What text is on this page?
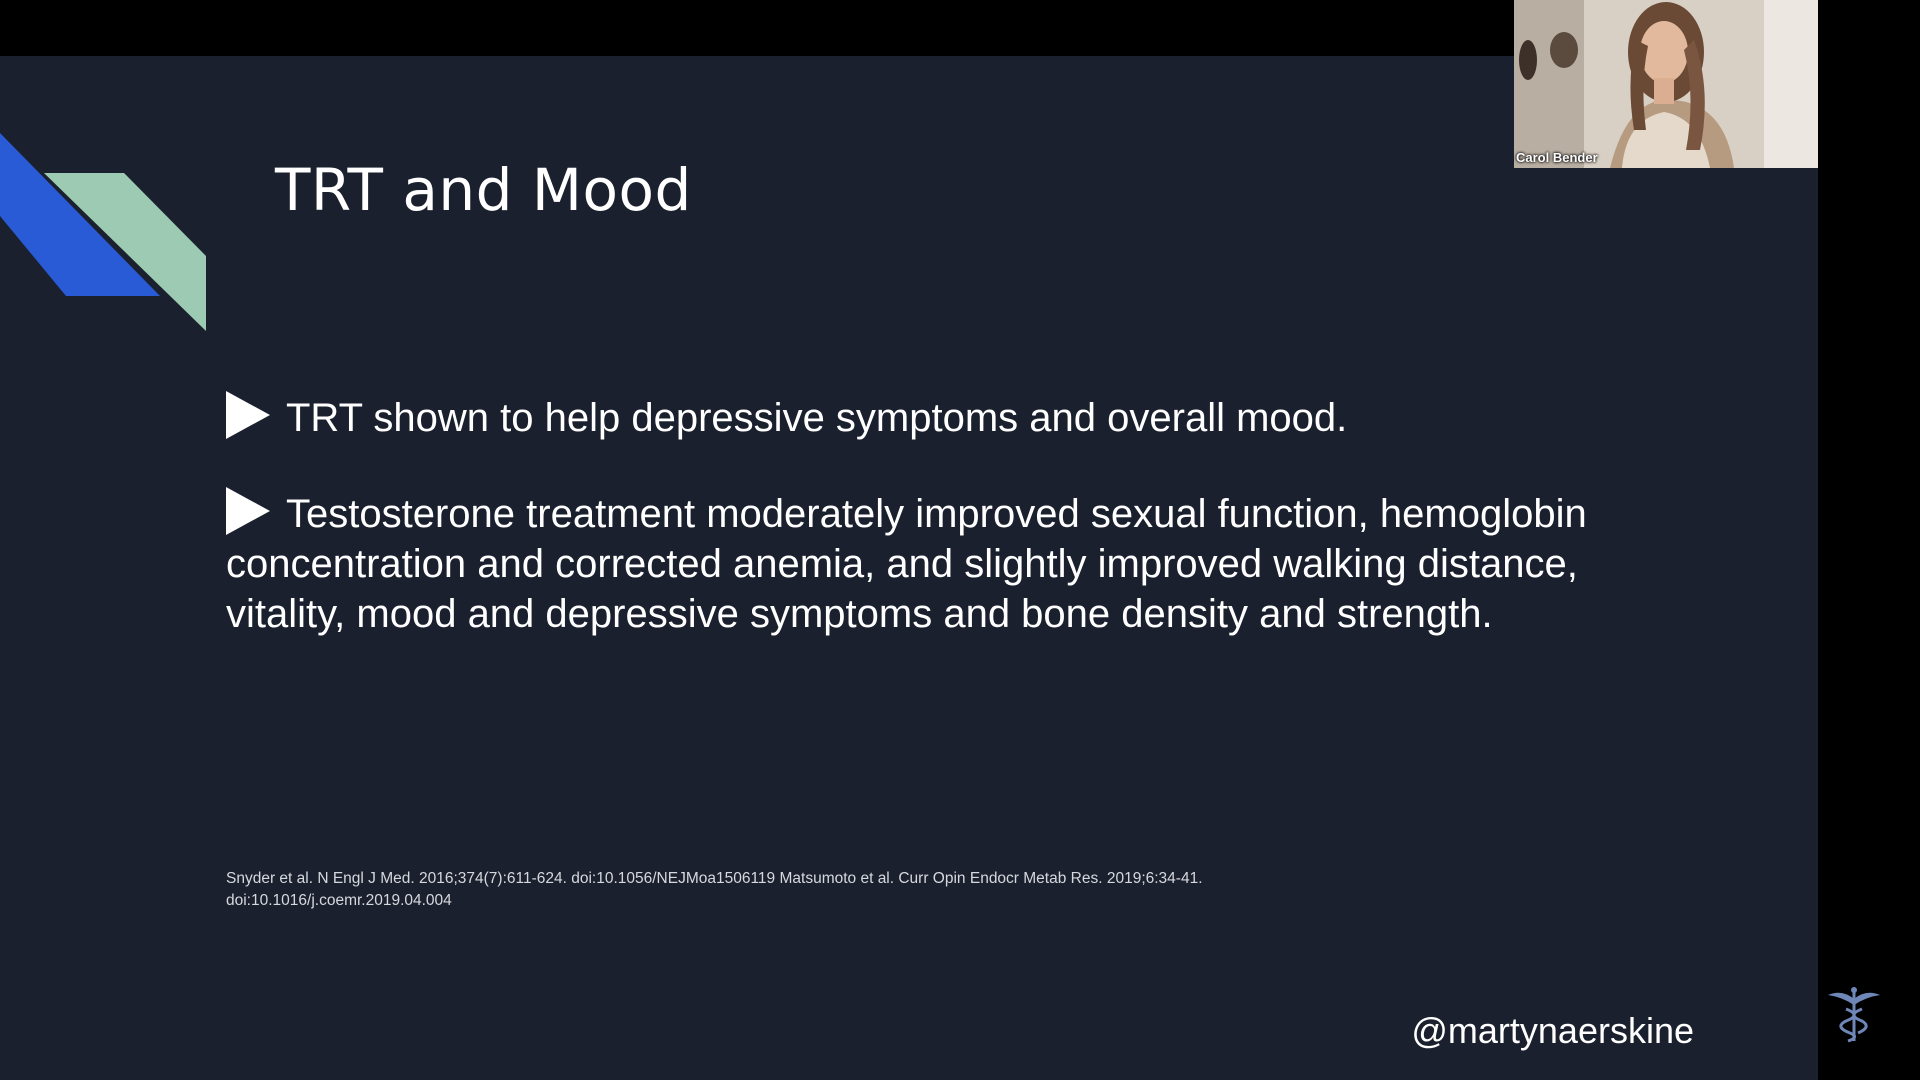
TRT and Mood

TRT shown to help depressive symptoms and overall mood.

Testosterone treatment moderately improved sexual function, hemoglobin concentration and corrected anemia, and slightly improved walking distance, vitality, mood and depressive symptoms and bone density and strength.

Snyder et al. N Engl J Med. 2016;374(7):611-624. doi:10.1056/NEJMoa1506119 Matsumoto et al. Curr Opin Endocr Metab Res. 2019;6:34-41.
doi:10.1016/j.coemr.2019.04.004

@martynaerskine

Carol Bender
